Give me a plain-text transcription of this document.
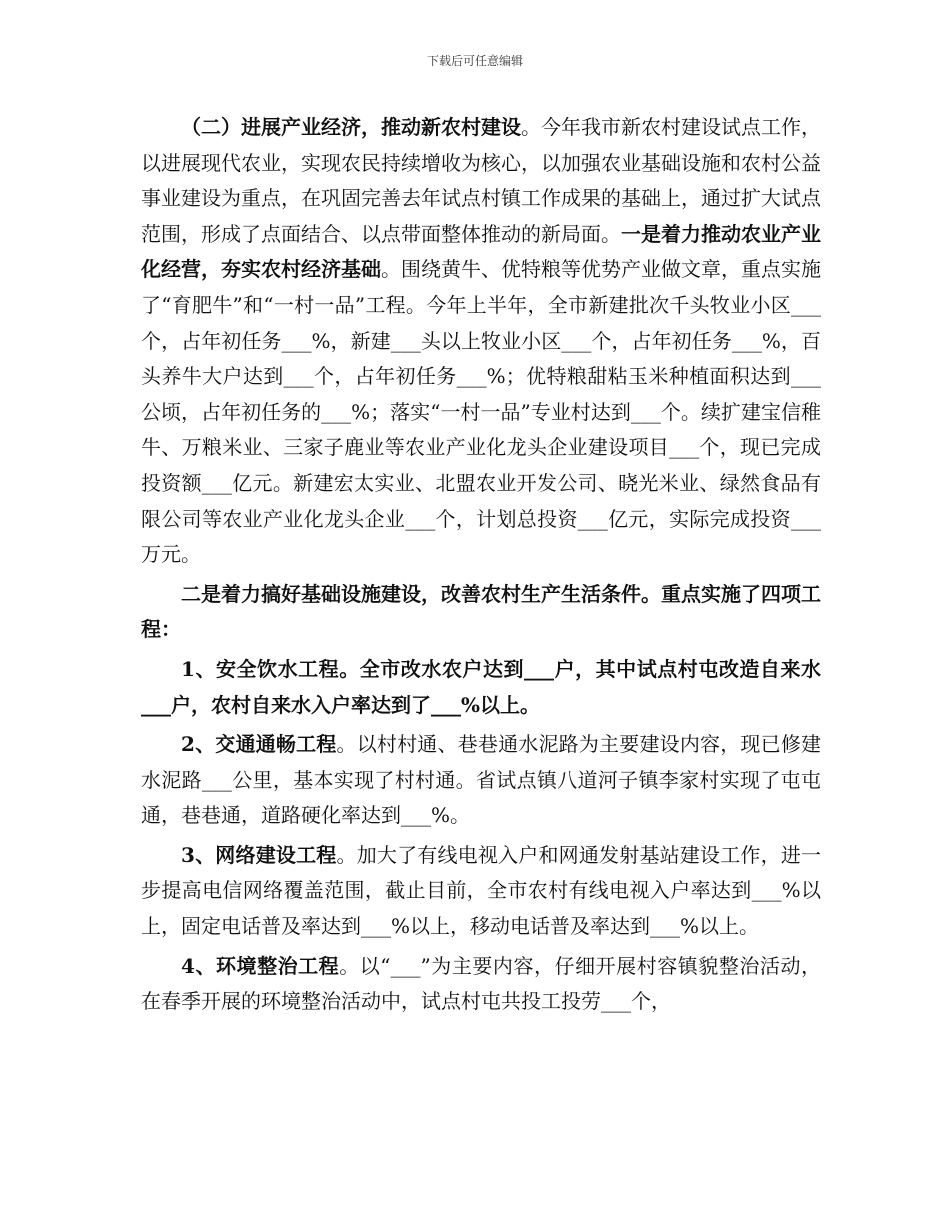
下载后可任意编辑

（二）进展产业经济，推动新农村建设。今年我市新农村建设试点工作，以进展现代农业，实现农民持续增收为核心，以加强农业基础设施和农村公益事业建设为重点，在巩固完善去年试点村镇工作成果的基础上，通过扩大试点范围，形成了点面结合、以点带面整体推动的新局面。一是着力推动农业产业化经营，夯实农村经济基础。围绕黄牛、优特粮等优势产业做文章，重点实施了“育肥牛”和“一村一品”工程。今年上半年，全市新建批次千头牧业小区___个，占年初任务___%，新建___头以上牧业小区___个，占年初任务___%，百头养牛大户达到___个，占年初任务___%；优特粮甜粘玉米种植面积达到___公顷，占年初任务的___%；落实“一村一品”专业村达到___个。续扩建宝信稚牛、万粮米业、三家子鹿业等农业产业化龙头企业建设项目___个，现已完成投资额___亿元。新建宏太实业、北盟农业开发公司、晓光米业、绿然食品有限公司等农业产业化龙头企业___个，计划总投资___亿元，实际完成投资___万元。

二是着力搞好基础设施建设，改善农村生产生活条件。重点实施了四项工程：

1、安全饮水工程。全市改水农户达到___户，其中试点村屯改造自来水___户，农村自来水入户率达到了___%以上。

2、交通通畅工程。以村村通、巷巷通水泥路为主要建设内容，现已修建水泥路___公里，基本实现了村村通。省试点镇八道河子镇李家村实现了屯屯通，巷巷通，道路硬化率达到___%。

3、网络建设工程。加大了有线电视入户和网通发射基站建设工作，进一步提高电信网络覆盖范围，截止目前，全市农村有线电视入户率达到___%以上，固定电话普及率达到___%以上，移动电话普及率达到___%以上。

4、环境整治工程。以“___”为主要内容，仔细开展村容镇貌整治活动，在春季开展的环境整治活动中，试点村屯共投工投劳___个，
